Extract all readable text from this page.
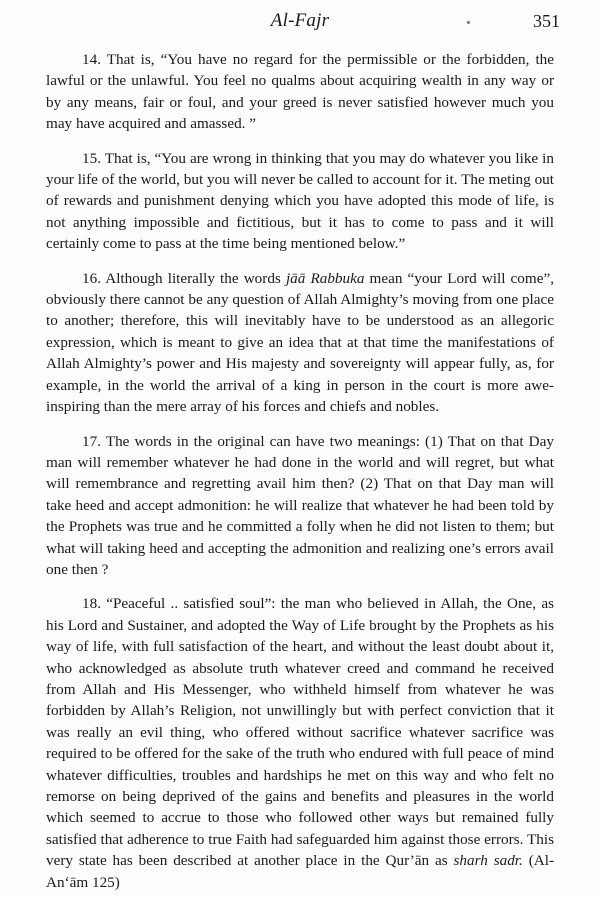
Al-Fajr	351

14. That is, “You have no regard for the permissible or the forbidden, the lawful or the unlawful. You feel no qualms about acquiring wealth in any way or by any means, fair or foul, and your greed is never satisfied however much you may have acquired and amassed. ”

15. That is, “You are wrong in thinking that you may do whatever you like in your life of the world, but you will never be called to account for it. The meting out of rewards and punishment denying which you have adopted this mode of life, is not anything impossible and fictitious, but it has to come to pass and it will certainly come to pass at the time being mentioned below.”

16. Although literally the words jāā Rabbuka mean “your Lord will come”, obviously there cannot be any question of Allah Almighty’s moving from one place to another; therefore, this will inevitably have to be understood as an allegoric expression, which is meant to give an idea that at that time the manifestations of Allah Almighty’s power and His majesty and sovereignty will appear fully, as, for example, in the world the arrival of a king in person in the court is more awe-inspiring than the mere array of his forces and chiefs and nobles.

17. The words in the original can have two meanings: (1) That on that Day man will remember whatever he had done in the world and will regret, but what will remembrance and regretting avail him then? (2) That on that Day man will take heed and accept admonition: he will realize that whatever he had been told by the Prophets was true and he committed a folly when he did not listen to them; but what will taking heed and accepting the admonition and realizing one’s errors avail one then ?

18. “Peaceful .. satisfied soul”: the man who believed in Allah, the One, as his Lord and Sustainer, and adopted the Way of Life brought by the Prophets as his way of life, with full satisfaction of the heart, and without the least doubt about it, who acknowledged as absolute truth whatever creed and command he received from Allah and His Messenger, who withheld himself from whatever he was forbidden by Allah’s Religion, not unwillingly but with perfect conviction that it was really an evil thing, who offered without sacrifice whatever sacrifice was required to be offered for the sake of the truth who endured with full peace of mind whatever difficulties, troubles and hardships he met on this way and who felt no remorse on being deprived of the gains and benefits and pleasures in the world which seemed to accrue to those who followed other ways but remained fully satisfied that adherence to true Faith had safeguarded him against those errors. This very state has been described at another place in the Qur’ān as sharh sadr. (Al-An‘ām 125)
